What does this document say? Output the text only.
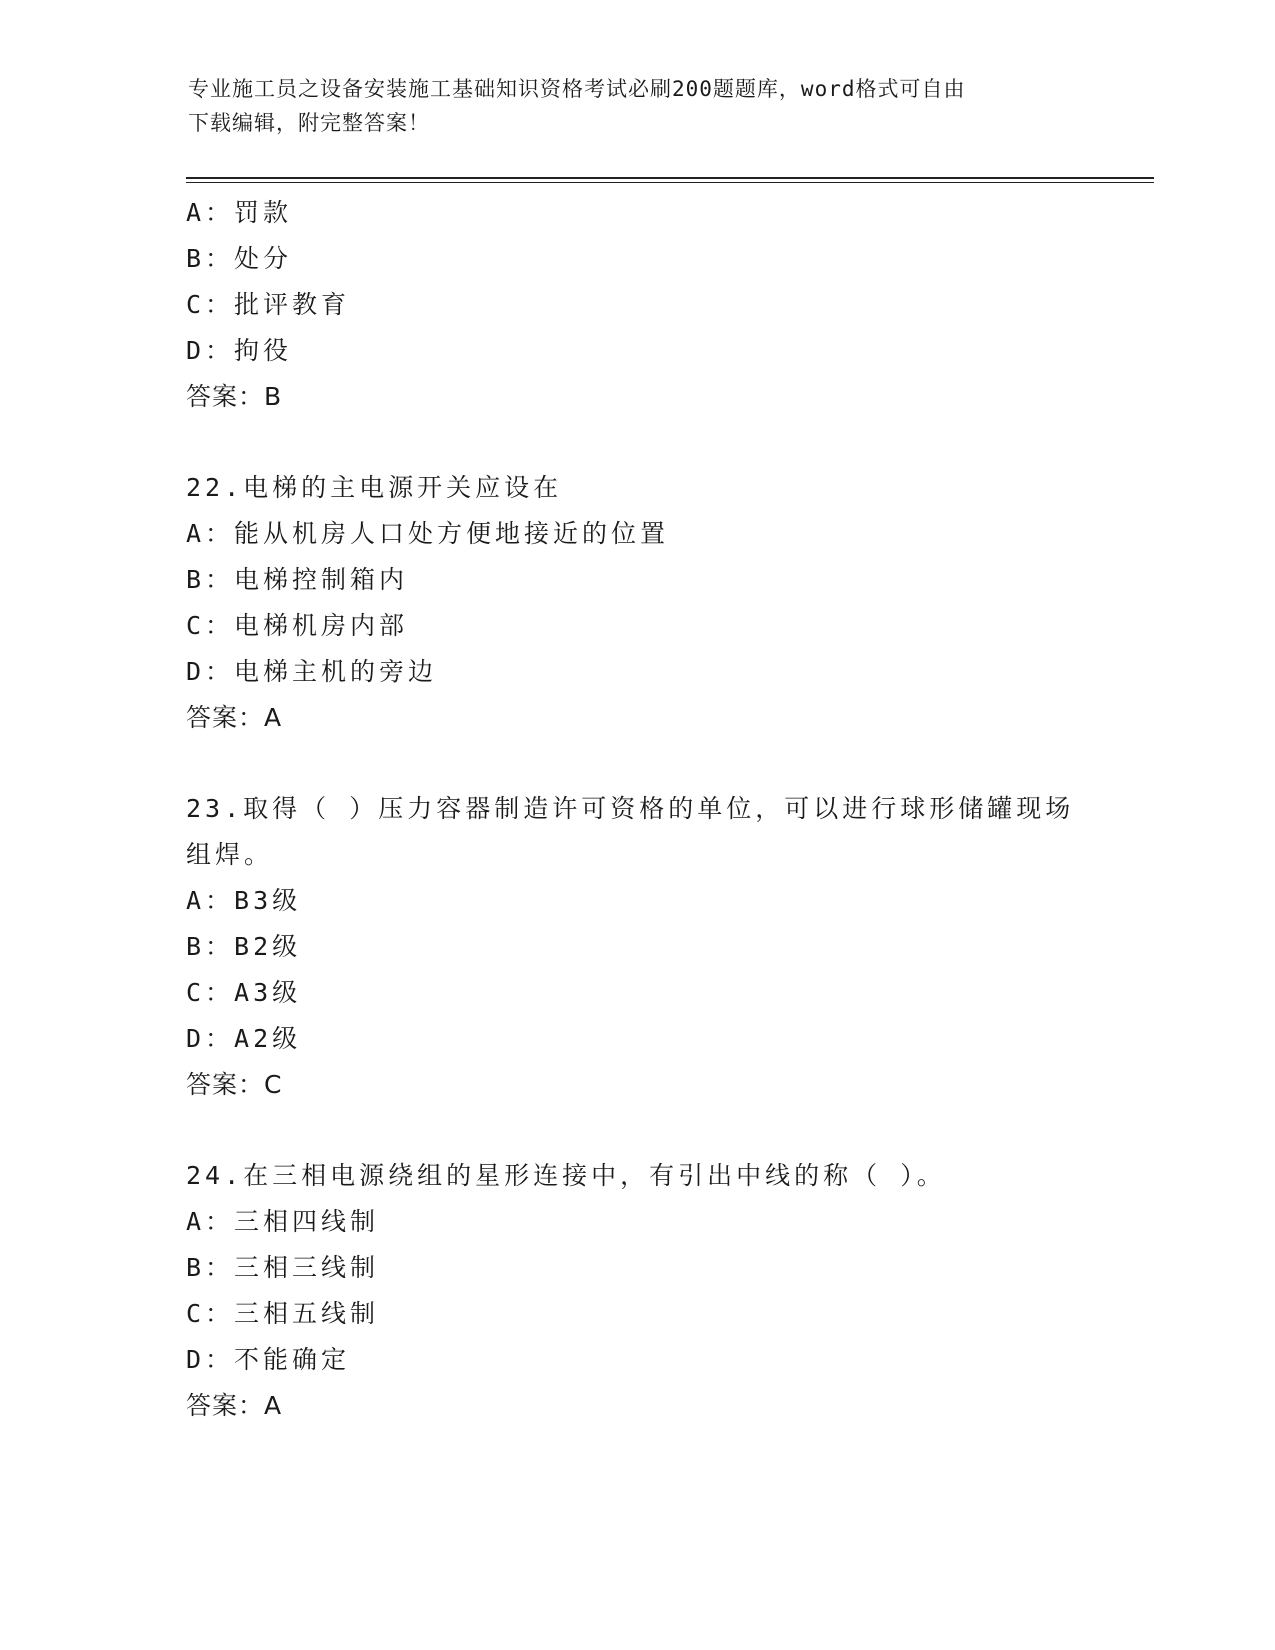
专业施工员之设备安装施工基础知识资格考试必刷200题题库，word格式可自由
下载编辑，附完整答案！
A：罚款
B：处分
C：批评教育
D：拘役
答案：B
22.电梯的主电源开关应设在
A：能从机房人口处方便地接近的位置
B：电梯控制箱内
C：电梯机房内部
D：电梯主机的旁边
答案：A
23.取得（ ）压力容器制造许可资格的单位，可以进行球形储罐现场
组焊。
A：B3级
B：B2级
C：A3级
D：A2级
答案：C
24.在三相电源绕组的星形连接中，有引出中线的称（ ）。
A：三相四线制
B：三相三线制
C：三相五线制
D：不能确定
答案：A
